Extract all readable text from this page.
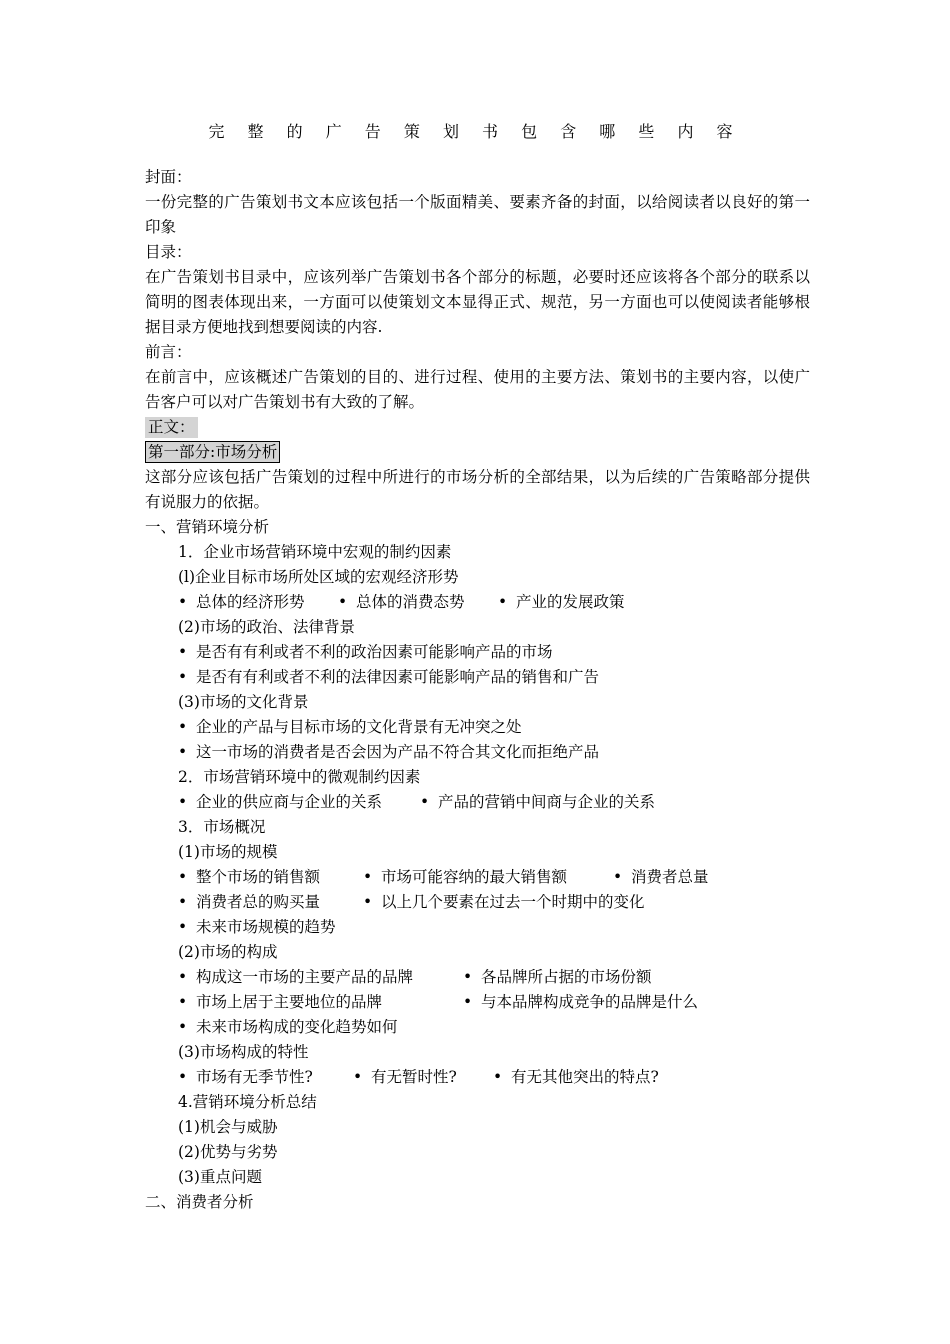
完 整 的 广 告 策 划 书 包 含 哪 些 内 容
封面：
一份完整的广告策划书文本应该包括一个版面精美、要素齐备的封面，以给阅读者以良好的第一印象
目录：
在广告策划书目录中，应该列举广告策划书各个部分的标题，必要时还应该将各个部分的联系以简明的图表体现出来，一方面可以使策划文本显得正式、规范，另一方面也可以使阅读者能够根据目录方便地找到想要阅读的内容.
前言：
在前言中，应该概述广告策划的目的、进行过程、使用的主要方法、策划书的主要内容，以使广告客户可以对广告策划书有大致的了解。
正文：
第一部分:市场分析
这部分应该包括广告策划的过程中所进行的市场分析的全部结果，以为后续的广告策略部分提供有说服力的依据。
一、营销环境分析
1．企业市场营销环境中宏观的制约因素
(l)企业目标市场所处区域的宏观经济形势
• 总体的经济形势	• 总体的消费态势	• 产业的发展政策
(2)市场的政治、法律背景
• 是否有有利或者不利的政治因素可能影响产品的市场
• 是否有有利或者不利的法律因素可能影响产品的销售和广告
(3)市场的文化背景
• 企业的产品与目标市场的文化背景有无冲突之处
• 这一市场的消费者是否会因为产品不符合其文化而拒绝产品
2．市场营销环境中的微观制约因素
• 企业的供应商与企业的关系	• 产品的营销中间商与企业的关系
3．市场概况
(1)市场的规模
• 整个市场的销售额	• 市场可能容纳的最大销售额	• 消费者总量
• 消费者总的购买量	• 以上几个要素在过去一个时期中的变化
• 未来市场规模的趋势
(2)市场的构成
• 构成这一市场的主要产品的品牌	• 各品牌所占据的市场份额
• 市场上居于主要地位的品牌	• 与本品牌构成竞争的品牌是什么
• 未来市场构成的变化趋势如何
(3)市场构成的特性
• 市场有无季节性?	• 有无暂时性?	• 有无其他突出的特点?
4.营销环境分析总结
(1)机会与威胁
(2)优势与劣势
(3)重点问题
二、消费者分析
